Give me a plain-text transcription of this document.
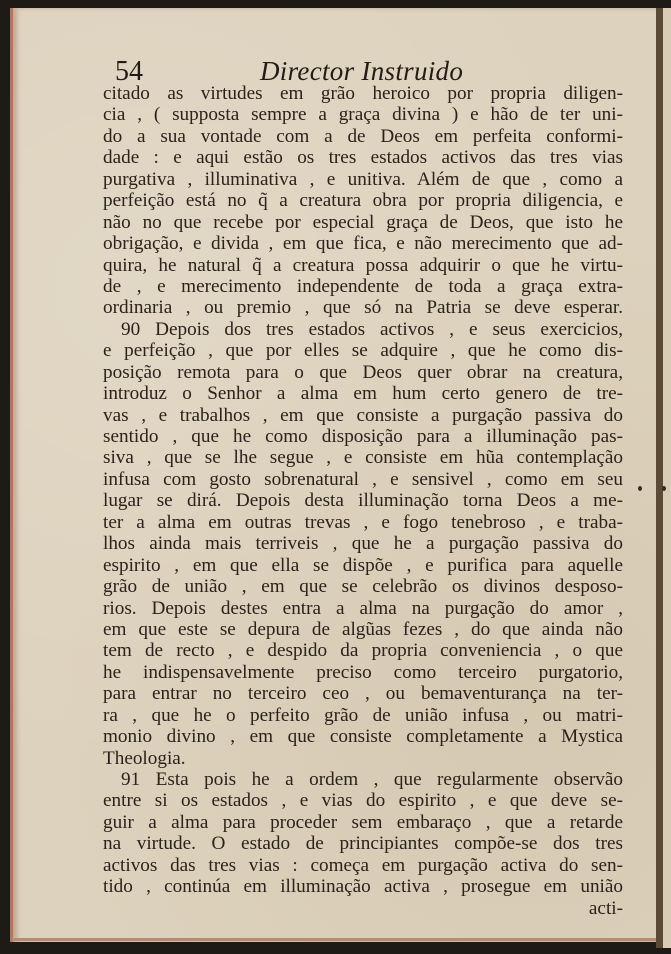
54	Director Instruido
citado as virtudes em grão heroico por propria diligen-
cia , ( supposta sempre a graça divina ) e hão de ter uni-
do a sua vontade com a de Deos em perfeita conformi-
dade : e aqui estão os tres estados activos das tres vias
purgativa , illuminativa , e unitiva. Além de que , como a
perfeição está no q̃ a creatura obra por propria diligencia, e
não no que recebe por especial graça de Deos, que isto he
obrigação, e divida , em que fica, e não merecimento que ad-
quira, he natural q̃ a creatura possa adquirir o que he virtu-
de , e merecimento independente de toda a graça extra-
ordinaria , ou premio , que só na Patria se deve esperar.
90 Depois dos tres estados activos , e seus exercicios,
e perfeição , que por elles se adquire , que he como dis-
posição remota para o que Deos quer obrar na creatura,
introduz o Senhor a alma em hum certo genero de tre-
vas , e trabalhos , em que consiste a purgação passiva do
sentido , que he como disposição para a illuminação pas-
siva , que se lhe segue , e consiste em hũa contemplação
infusa com gosto sobrenatural , e sensivel , como em seu
lugar se dirá. Depois desta illuminação torna Deos a me-
ter a alma em outras trevas , e fogo tenebroso , e traba-
lhos ainda mais terriveis , que he a purgação passiva do
espirito , em que ella se dispõe , e purifica para aquelle
grão de união , em que se celebrão os divinos desposo-
rios. Depois destes entra a alma na purgação do amor ,
em que este se depura de algũas fezes , do que ainda não
tem de recto , e despido da propria conveniencia , o que
he indispensavelmente preciso como terceiro purgatorio,
para entrar no terceiro ceo , ou bemaventurança na ter-
ra , que he o perfeito grão de união infusa , ou matri-
monio divino , em que consiste completamente a Mystica
Theologia.
91 Esta pois he a ordem , que regularmente observão
entre si os estados , e vias do espirito , e que deve se-
guir a alma para proceder sem embaraço , que a retarde
na virtude. O estado de principiantes compõe-se dos tres
activos das tres vias : começa em purgação activa do sen-
tido , continúa em illuminação activa , prosegue em união
acti-
